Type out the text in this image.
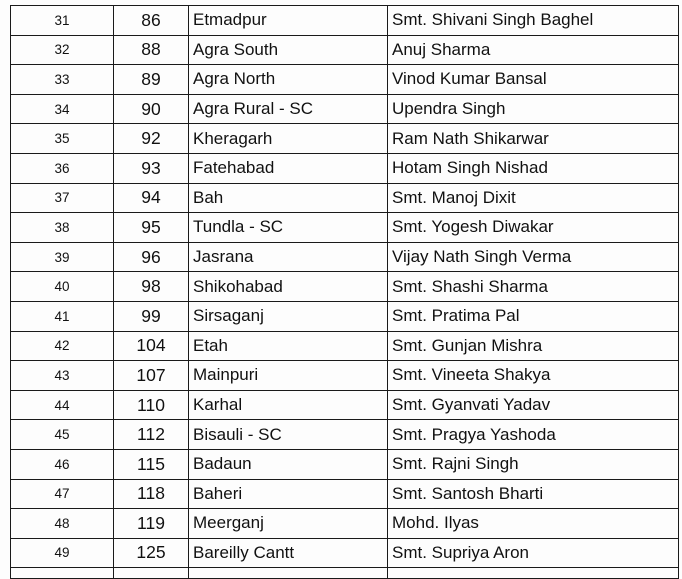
31	86	Etmadpur	Smt. Shivani Singh Baghel
32	88	Agra South	Anuj Sharma
33	89	Agra North	Vinod Kumar Bansal
34	90	Agra Rural - SC	Upendra Singh
35	92	Kheragarh	Ram Nath Shikarwar
36	93	Fatehabad	Hotam Singh Nishad
37	94	Bah	Smt. Manoj Dixit
38	95	Tundla - SC	Smt. Yogesh Diwakar
39	96	Jasrana	Vijay Nath Singh Verma
40	98	Shikohabad	Smt. Shashi Sharma
41	99	Sirsaganj	Smt. Pratima Pal
42	104	Etah	Smt. Gunjan Mishra
43	107	Mainpuri	Smt. Vineeta Shakya
44	110	Karhal	Smt. Gyanvati Yadav
45	112	Bisauli - SC	Smt. Pragya Yashoda
46	115	Badaun	Smt. Rajni Singh
47	118	Baheri	Smt. Santosh Bharti
48	119	Meerganj	Mohd. Ilyas
49	125	Bareilly Cantt	Smt. Supriya Aron
